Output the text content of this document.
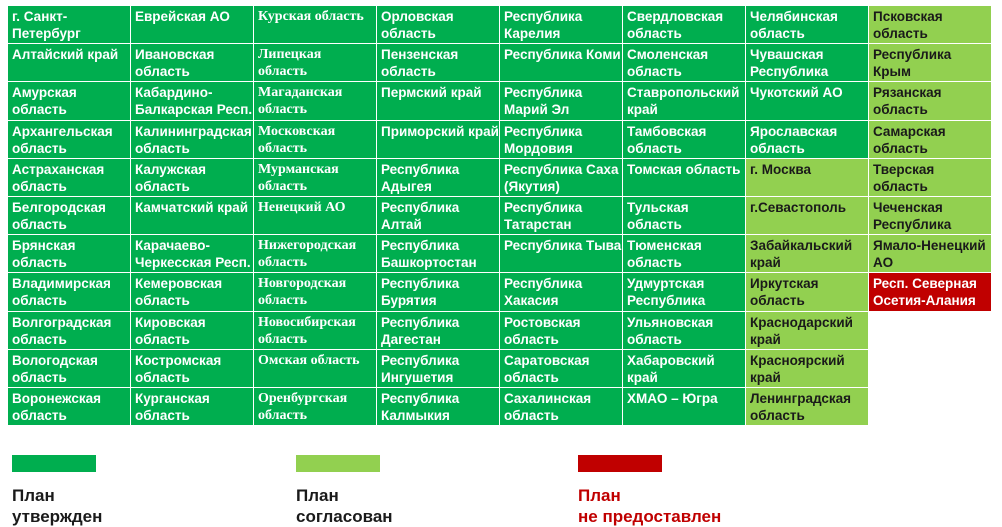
г. Санкт-Петербург
Алтайский край
Амурская область
Архангельская
область
Астраханская
область
Белгородская
область
Брянская область
Владимирская
область
Волгоградская
область
Вологодская
область
Воронежская
область
Еврейская АО
Ивановская
область
Кабардино-
Балкарская Респ.
Калининградская
область
Калужская
область
Камчатский край
Карачаево-
Черкесская Респ.
Кемеровская
область
Кировская
область
Костромская
область
Курганская
область
Курская область
Липецкая
область
Магаданская
область
Московская
область
Мурманская
область
Ненецкий АО
Нижегородская
область
Новгородская
область
Новосибирская
область
Омская область
Оренбургская
область
Орловская
область
Пензенская
область
Пермский край
Приморский край
Республика
Адыгея
Республика Алтай
Республика
Башкортостан
Республика
Бурятия
Республика
Дагестан
Республика
Ингушетия
Республика
Калмыкия
Республика
Карелия
Республика Коми
Республика
Марий Эл
Республика
Мордовия
Республика Саха
(Якутия)
Республика
Татарстан
Республика Тыва
Республика
Хакасия
Ростовская
область
Саратовская
область
Сахалинская
область
Свердловская
область
Смоленская
область
Ставропольский
край
Тамбовская
область
Томская область
Тульская область
Тюменская
область
Удмуртская
Республика
Ульяновская
область
Хабаровский край
ХМАО – Югра
Челябинская
область
Чувашская
Республика
Чукотский АО
Ярославская
область
г. Москва
г.Севастополь
Забайкальский
край
Иркутская область
Краснодарский
край
Красноярский
край
Ленинградская
область
Псковская область
Республика Крым
Рязанская область
Самарская
область
Тверская область
Чеченская
Республика
Ямало-Ненецкий
АО
Респ. Северная
Осетия-Алания
План
утвержден
План
согласован
План
не предоставлен
